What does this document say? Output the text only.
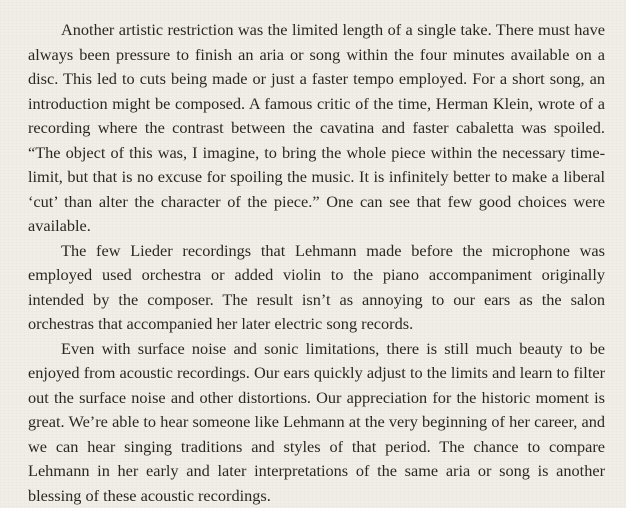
Another artistic restriction was the limited length of a single take. There must have always been pressure to finish an aria or song within the four minutes available on a disc. This led to cuts being made or just a faster tempo employed. For a short song, an introduction might be composed. A famous critic of the time, Herman Klein, wrote of a recording where the contrast between the cavatina and faster cabaletta was spoiled. “The object of this was, I imagine, to bring the whole piece within the necessary time-limit, but that is no excuse for spoiling the music. It is infinitely better to make a liberal ‘cut’ than alter the character of the piece.” One can see that few good choices were available.

The few Lieder recordings that Lehmann made before the microphone was employed used orchestra or added violin to the piano accompaniment originally intended by the composer. The result isn’t as annoying to our ears as the salon orchestras that accompanied her later electric song records.

Even with surface noise and sonic limitations, there is still much beauty to be enjoyed from acoustic recordings. Our ears quickly adjust to the limits and learn to filter out the surface noise and other distortions. Our appreciation for the historic moment is great. We’re able to hear someone like Lehmann at the very beginning of her career, and we can hear singing traditions and styles of that period. The chance to compare Lehmann in her early and later interpretations of the same aria or song is another blessing of these acoustic recordings.
